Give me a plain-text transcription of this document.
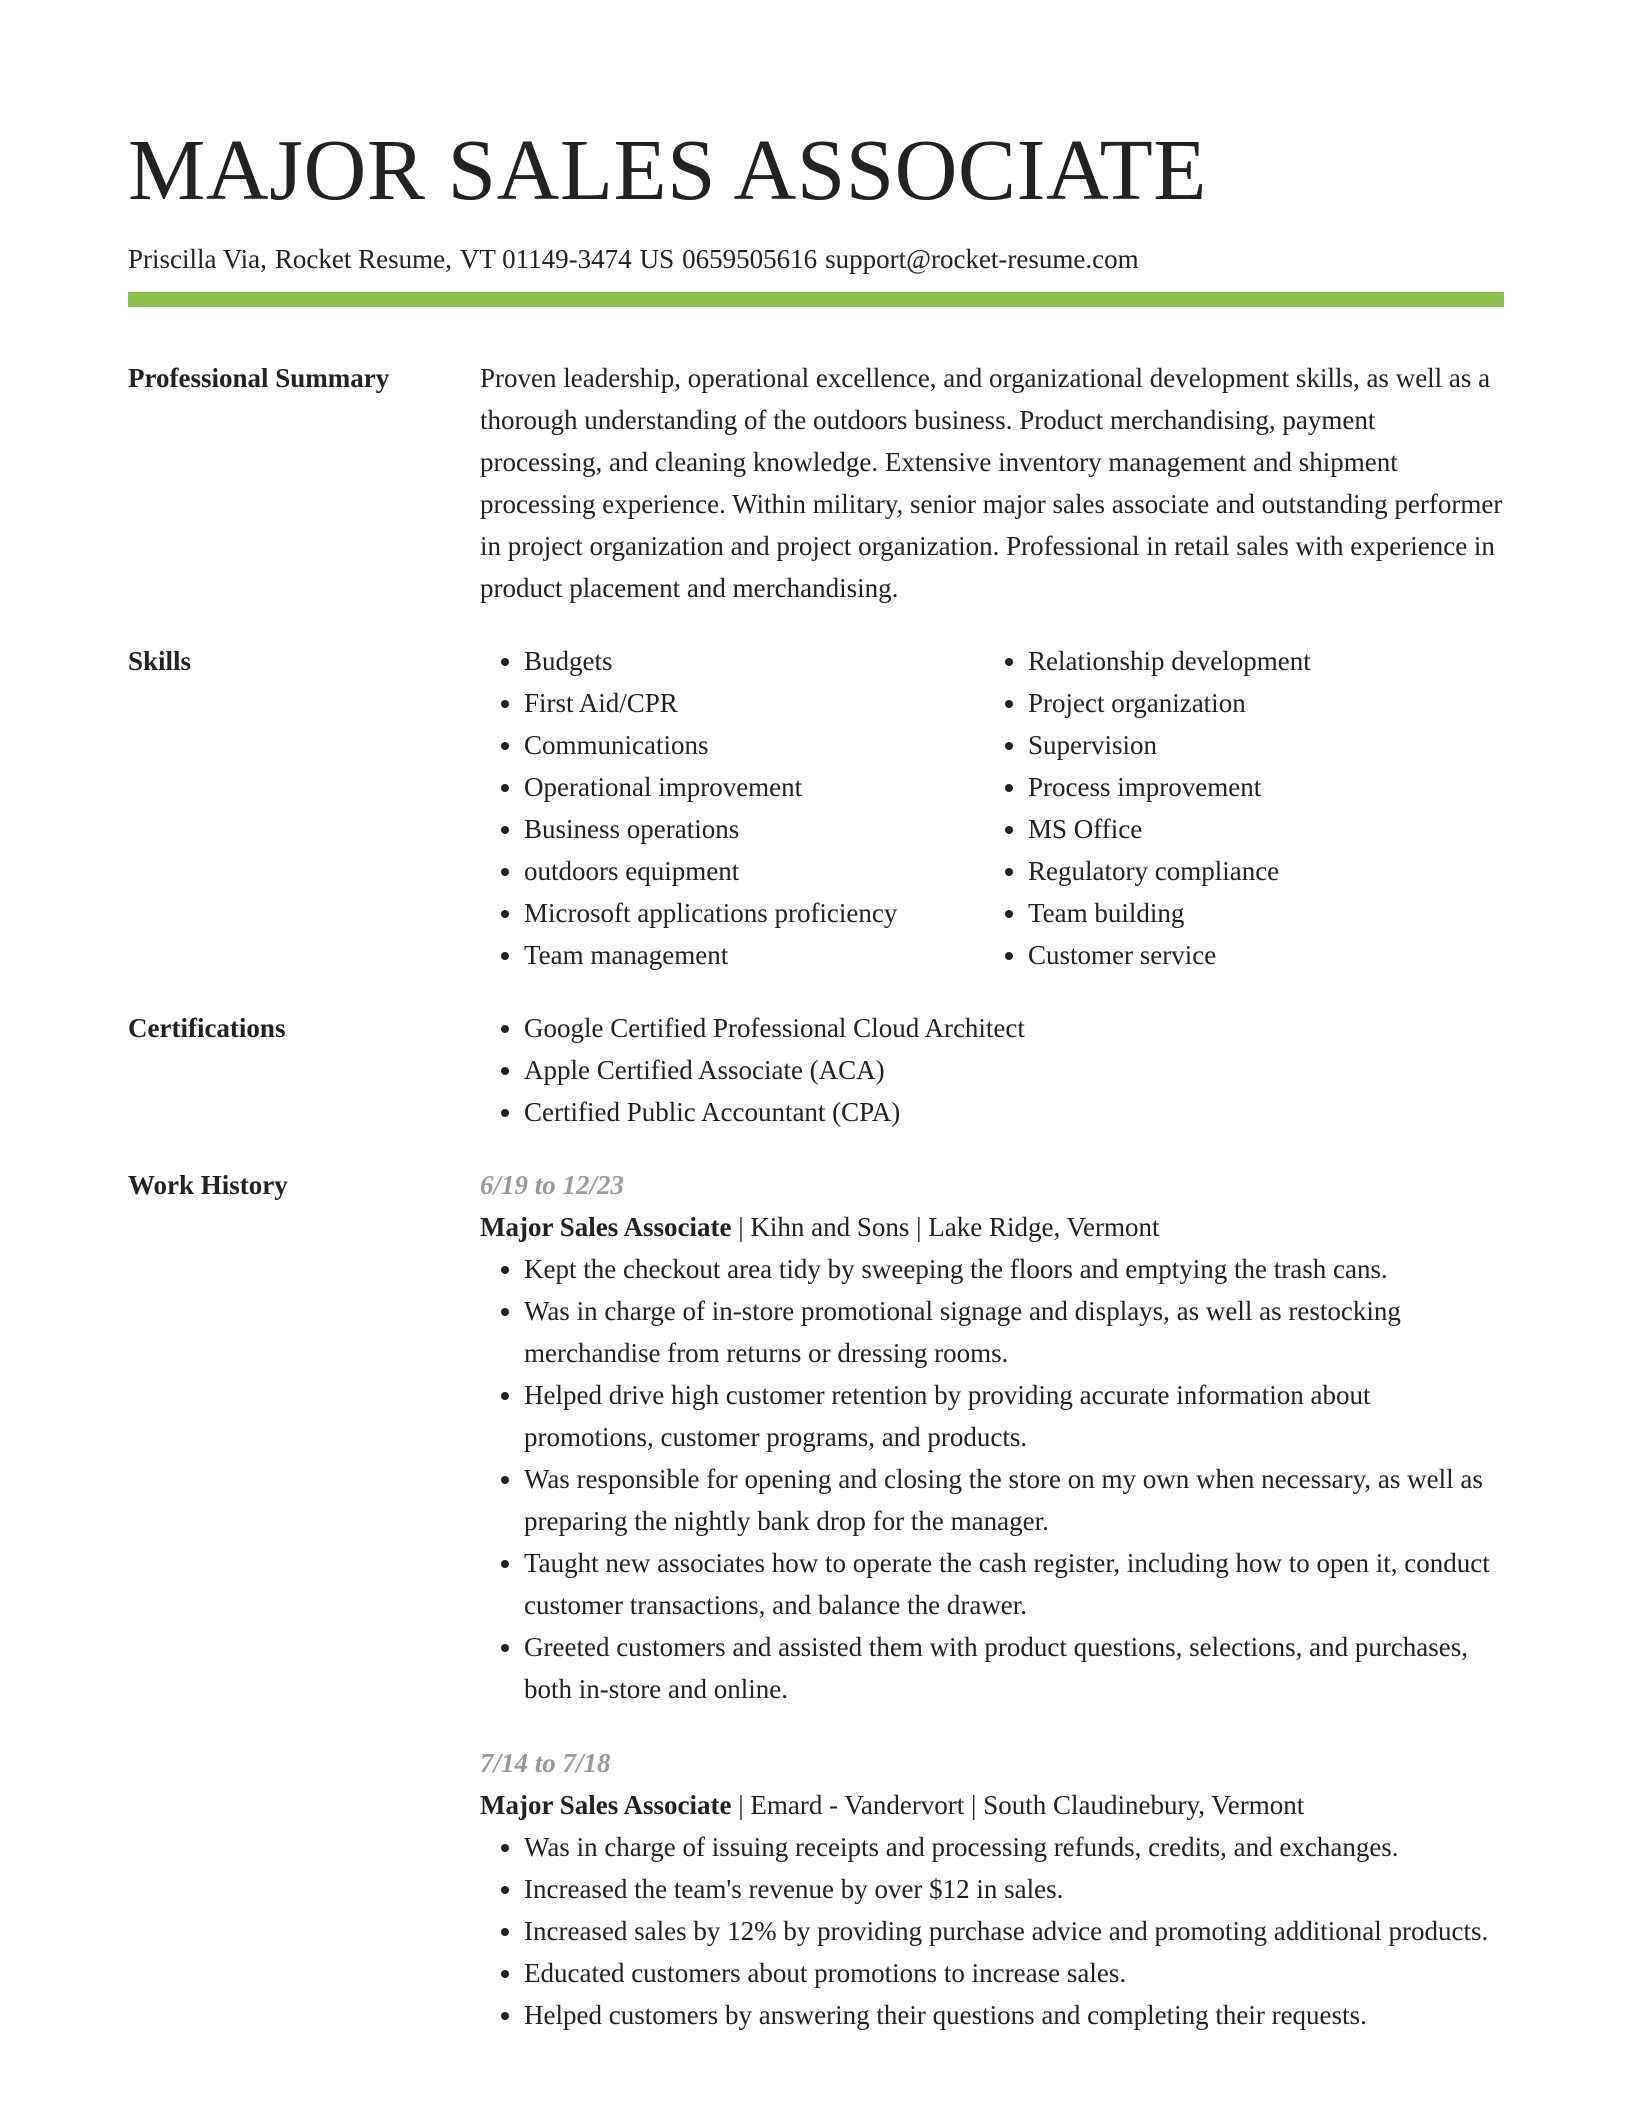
MAJOR SALES ASSOCIATE
Priscilla Via, Rocket Resume, VT 01149-3474 US 0659505616 support@rocket-resume.com
Professional Summary	Proven leadership, operational excellence, and organizational development skills, as well as a thorough understanding of the outdoors business. Product merchandising, payment processing, and cleaning knowledge. Extensive inventory management and shipment processing experience. Within military, senior major sales associate and outstanding performer in project organization and project organization. Professional in retail sales with experience in product placement and merchandising.
Skills	• Budgets
• First Aid/CPR
• Communications
• Operational improvement
• Business operations
• outdoors equipment
• Microsoft applications proficiency
• Team management
• Relationship development
• Project organization
• Supervision
• Process improvement
• MS Office
• Regulatory compliance
• Team building
• Customer service
Certifications	• Google Certified Professional Cloud Architect
• Apple Certified Associate (ACA)
• Certified Public Accountant (CPA)
Work History	6/19 to 12/23
Major Sales Associate | Kihn and Sons | Lake Ridge, Vermont
• Kept the checkout area tidy by sweeping the floors and emptying the trash cans.
• Was in charge of in-store promotional signage and displays, as well as restocking merchandise from returns or dressing rooms.
• Helped drive high customer retention by providing accurate information about promotions, customer programs, and products.
• Was responsible for opening and closing the store on my own when necessary, as well as preparing the nightly bank drop for the manager.
• Taught new associates how to operate the cash register, including how to open it, conduct customer transactions, and balance the drawer.
• Greeted customers and assisted them with product questions, selections, and purchases, both in-store and online.
7/14 to 7/18
Major Sales Associate | Emard - Vandervort | South Claudinebury, Vermont
• Was in charge of issuing receipts and processing refunds, credits, and exchanges.
• Increased the team's revenue by over $12 in sales.
• Increased sales by 12% by providing purchase advice and promoting additional products.
• Educated customers about promotions to increase sales.
• Helped customers by answering their questions and completing their requests.
